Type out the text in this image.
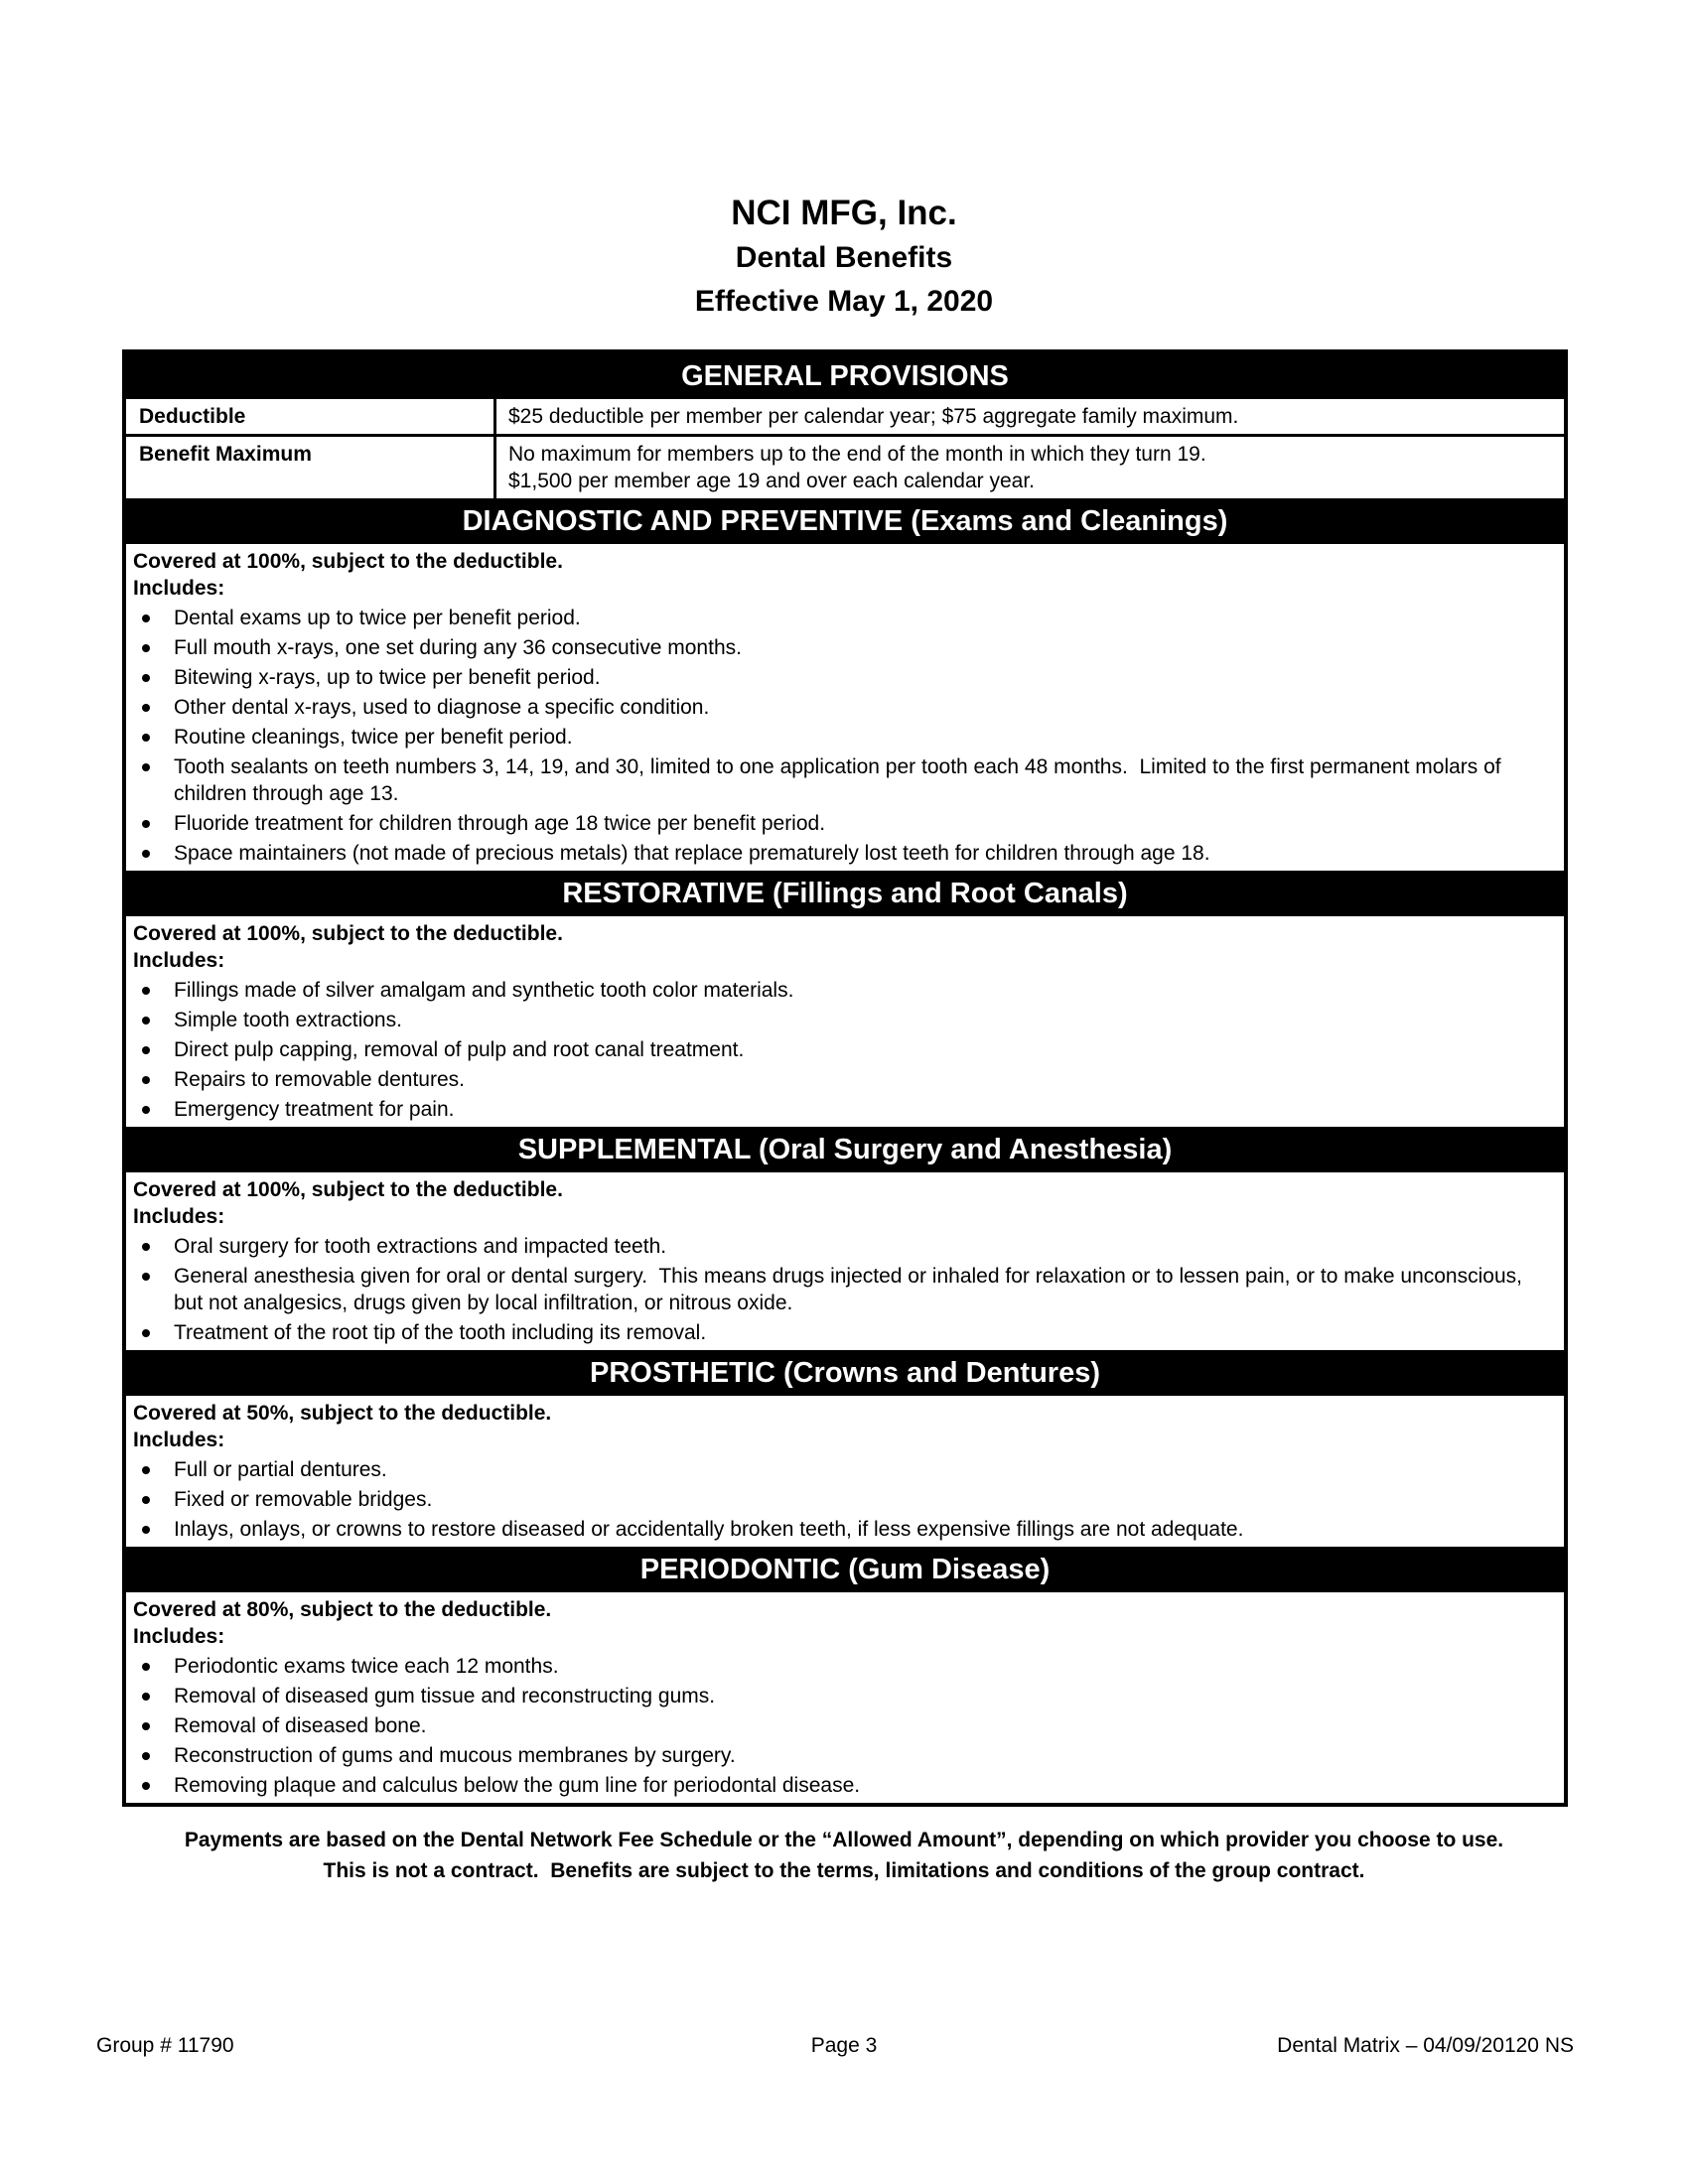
NCI MFG, Inc.
Dental Benefits
Effective May 1, 2020
GENERAL PROVISIONS
Deductible	$25 deductible per member per calendar year; $75 aggregate family maximum.
Benefit Maximum	No maximum for members up to the end of the month in which they turn 19.
$1,500 per member age 19 and over each calendar year.
DIAGNOSTIC AND PREVENTIVE (Exams and Cleanings)
Covered at 100%, subject to the deductible.
Includes:
Dental exams up to twice per benefit period.
Full mouth x-rays, one set during any 36 consecutive months.
Bitewing x-rays, up to twice per benefit period.
Other dental x-rays, used to diagnose a specific condition.
Routine cleanings, twice per benefit period.
Tooth sealants on teeth numbers 3, 14, 19, and 30, limited to one application per tooth each 48 months.  Limited to the first permanent molars of children through age 13.
Fluoride treatment for children through age 18 twice per benefit period.
Space maintainers (not made of precious metals) that replace prematurely lost teeth for children through age 18.
RESTORATIVE (Fillings and Root Canals)
Covered at 100%, subject to the deductible.
Includes:
Fillings made of silver amalgam and synthetic tooth color materials.
Simple tooth extractions.
Direct pulp capping, removal of pulp and root canal treatment.
Repairs to removable dentures.
Emergency treatment for pain.
SUPPLEMENTAL (Oral Surgery and Anesthesia)
Covered at 100%, subject to the deductible.
Includes:
Oral surgery for tooth extractions and impacted teeth.
General anesthesia given for oral or dental surgery.  This means drugs injected or inhaled for relaxation or to lessen pain, or to make unconscious, but not analgesics, drugs given by local infiltration, or nitrous oxide.
Treatment of the root tip of the tooth including its removal.
PROSTHETIC (Crowns and Dentures)
Covered at 50%, subject to the deductible.
Includes:
Full or partial dentures.
Fixed or removable bridges.
Inlays, onlays, or crowns to restore diseased or accidentally broken teeth, if less expensive fillings are not adequate.
PERIODONTIC (Gum Disease)
Covered at 80%, subject to the deductible.
Includes:
Periodontic exams twice each 12 months.
Removal of diseased gum tissue and reconstructing gums.
Removal of diseased bone.
Reconstruction of gums and mucous membranes by surgery.
Removing plaque and calculus below the gum line for periodontal disease.
Payments are based on the Dental Network Fee Schedule or the “Allowed Amount”, depending on which provider you choose to use.
This is not a contract.  Benefits are subject to the terms, limitations and conditions of the group contract.
Group # 11790	Page 3	Dental Matrix – 04/09/20120 NS
